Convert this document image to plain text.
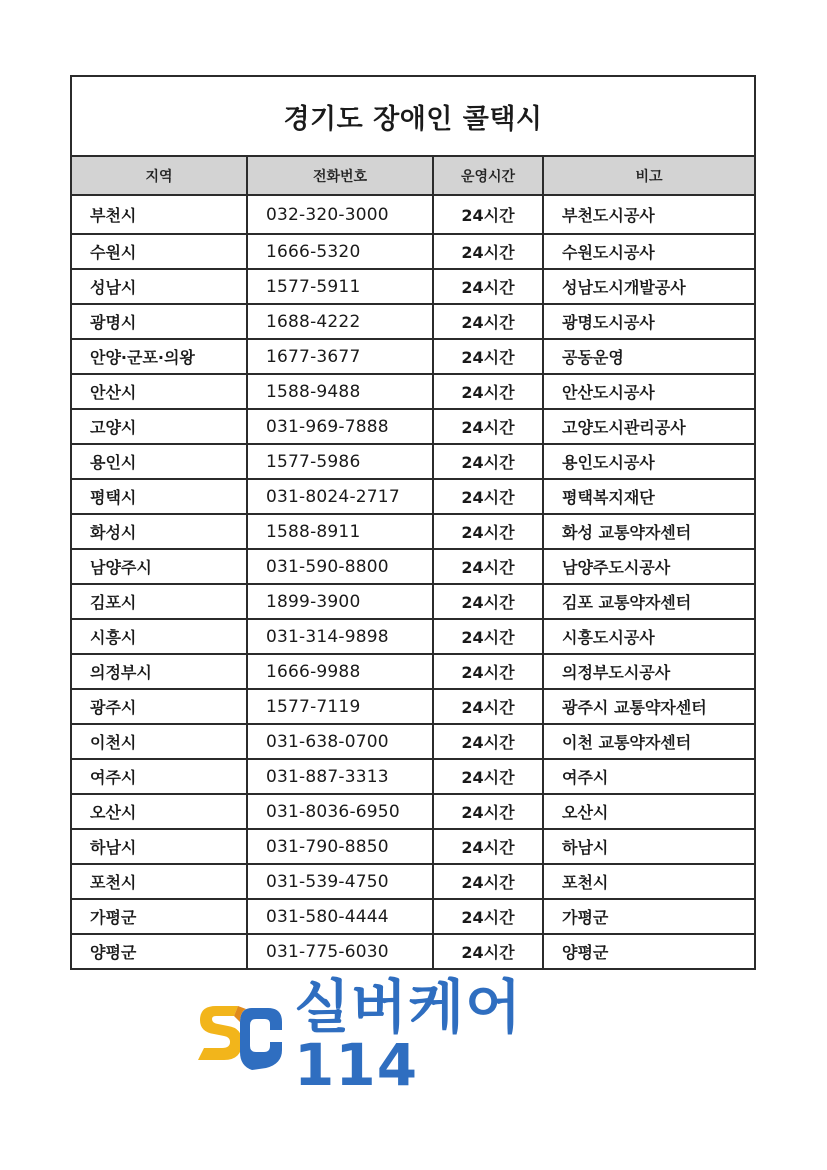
경기도 장애인 콜택시
지역	전화번호	운영시간	비고
부천시	032-320-3000	24시간	부천도시공사
수원시	1666-5320	24시간	수원도시공사
성남시	1577-5911	24시간	성남도시개발공사
광명시	1688-4222	24시간	광명도시공사
안양·군포·의왕	1677-3677	24시간	공동운영
안산시	1588-9488	24시간	안산도시공사
고양시	031-969-7888	24시간	고양도시관리공사
용인시	1577-5986	24시간	용인도시공사
평택시	031-8024-2717	24시간	평택복지재단
화성시	1588-8911	24시간	화성 교통약자센터
남양주시	031-590-8800	24시간	남양주도시공사
김포시	1899-3900	24시간	김포 교통약자센터
시흥시	031-314-9898	24시간	시흥도시공사
의정부시	1666-9988	24시간	의정부도시공사
광주시	1577-7119	24시간	광주시 교통약자센터
이천시	031-638-0700	24시간	이천 교통약자센터
여주시	031-887-3313	24시간	여주시
오산시	031-8036-6950	24시간	오산시
하남시	031-790-8850	24시간	하남시
포천시	031-539-4750	24시간	포천시
가평군	031-580-4444	24시간	가평군
양평군	031-775-6030	24시간	양평군
실버케어114
